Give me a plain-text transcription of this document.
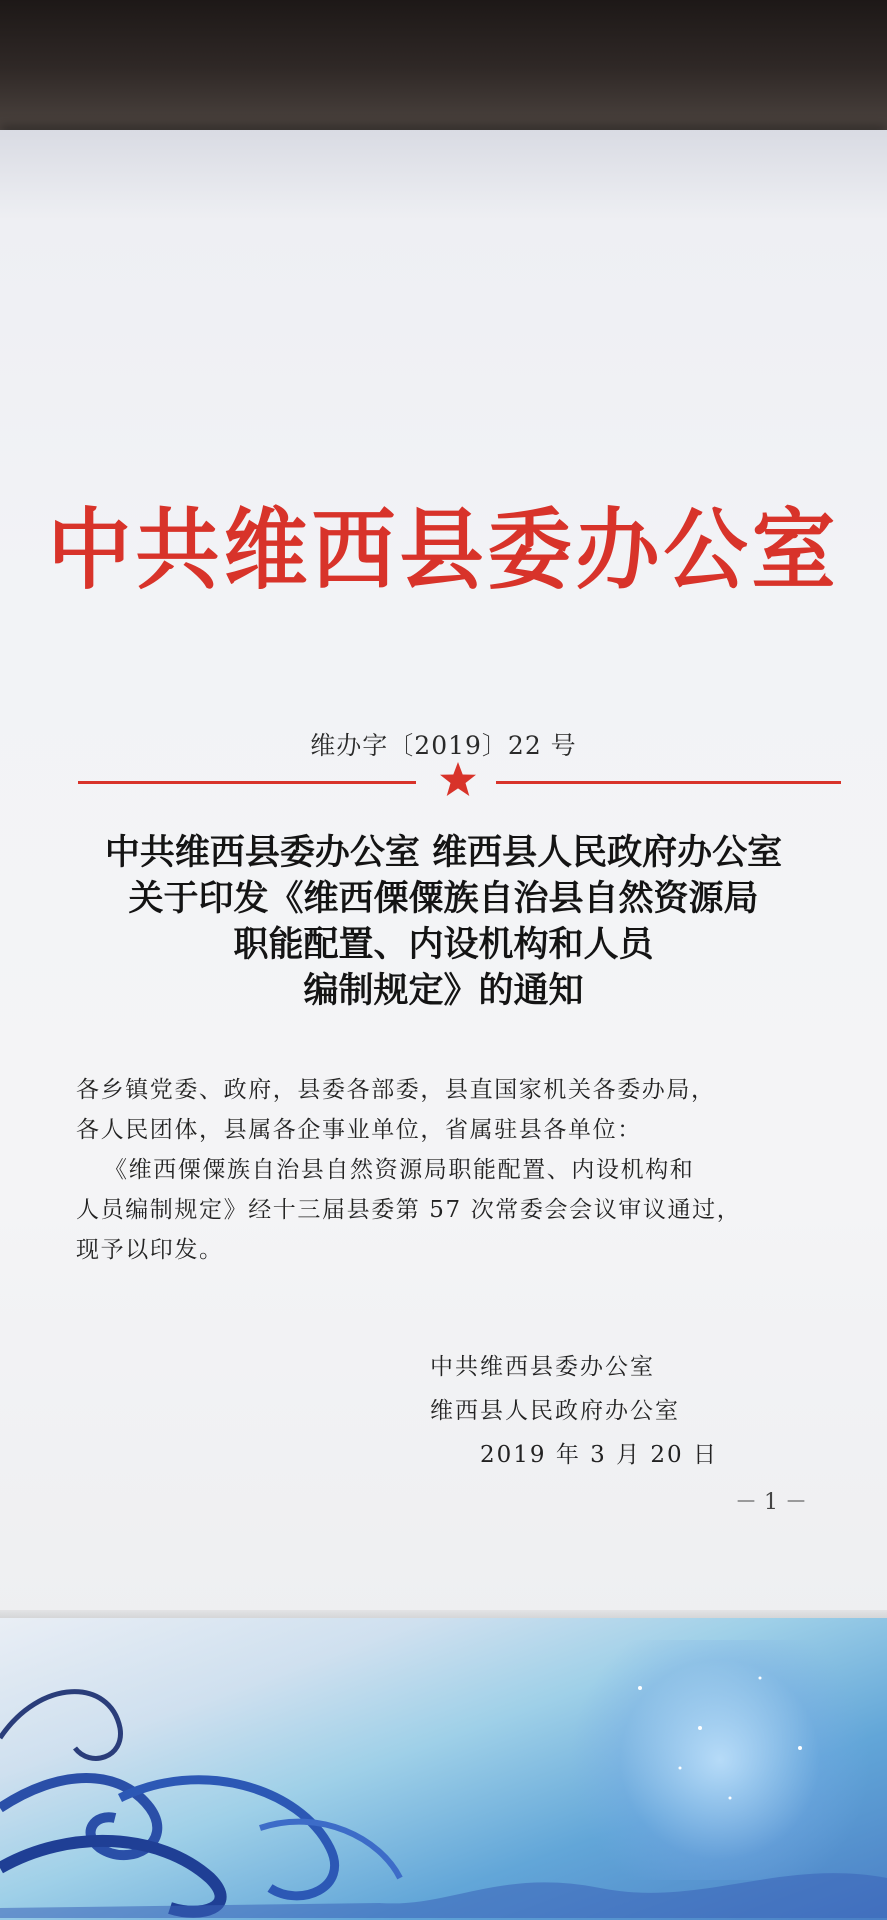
中共维西县委办公室
维办字〔2019〕22 号
中共维西县委办公室 维西县人民政府办公室
关于印发《维西傈僳族自治县自然资源局
职能配置、内设机构和人员
编制规定》的通知
各乡镇党委、政府，县委各部委，县直国家机关各委办局，
各人民团体，县属各企事业单位，省属驻县各单位：
《维西傈僳族自治县自然资源局职能配置、内设机构和
人员编制规定》经十三届县委第 57 次常委会会议审议通过，
现予以印发。
中共维西县委办公室
维西县人民政府办公室
2019 年 3 月 20 日
－ 1 －
